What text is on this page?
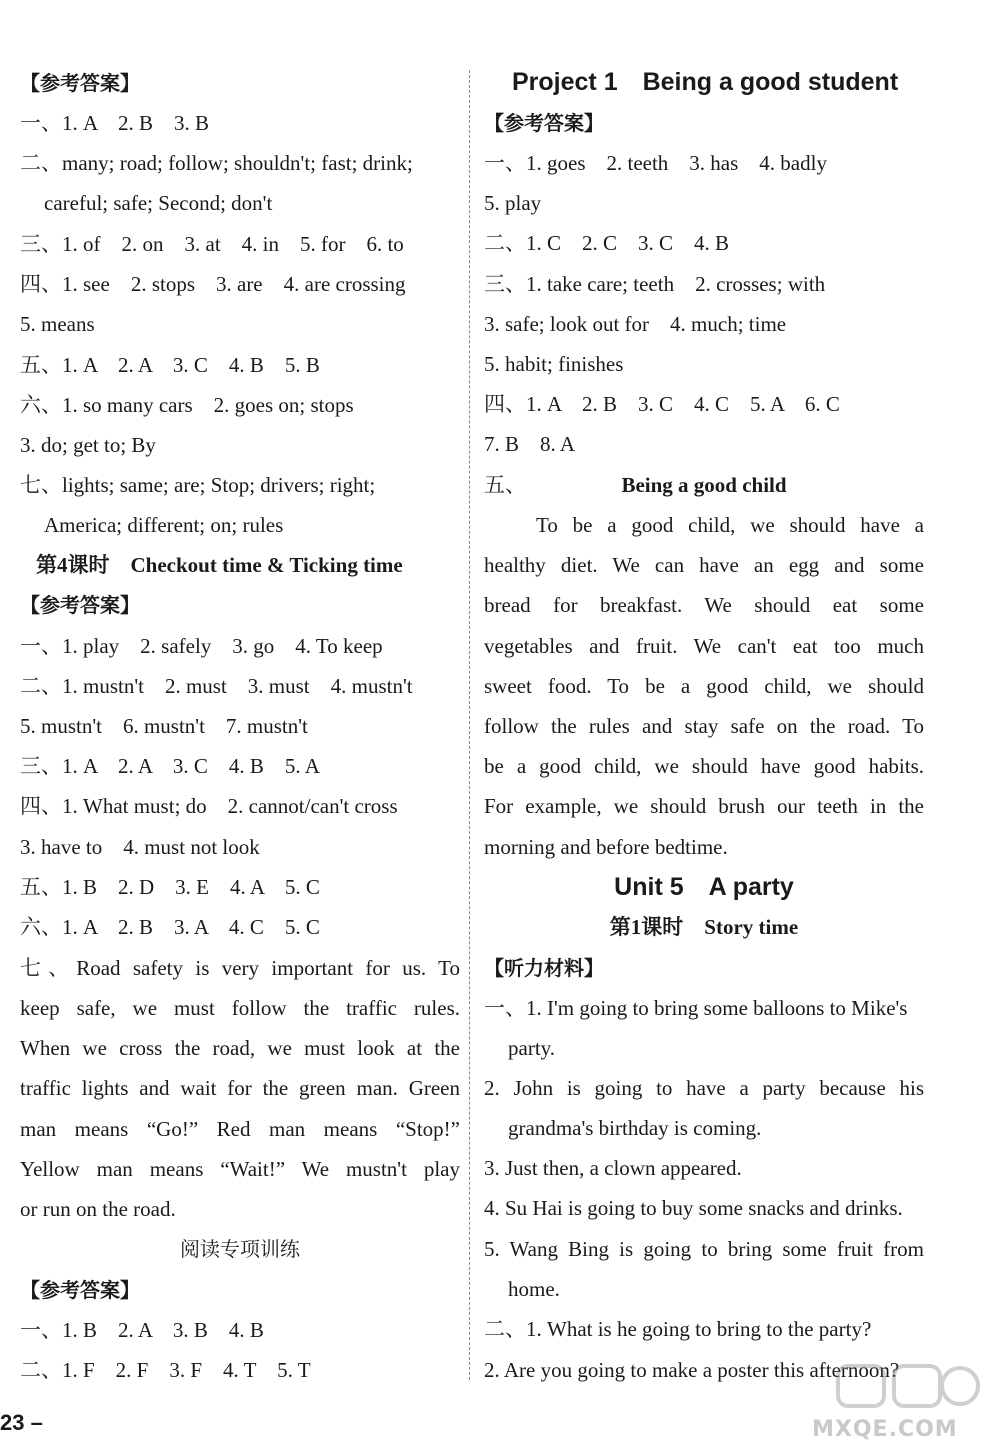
【参考答案】
一、1. A　2. B　3. B
二、many; road; follow; shouldn't; fast; drink;
careful; safe; Second; don't
三、1. of　2. on　3. at　4. in　5. for　6. to
四、1. see　2. stops　3. are　4. are crossing
5. means
五、1. A　2. A　3. C　4. B　5. B
六、1. so many cars　2. goes on; stops
3. do; get to; By
七、lights; same; are; Stop; drivers; right;
America; different; on; rules
第4课时　Checkout time & Ticking time
【参考答案】
一、1. play　2. safely　3. go　4. To keep
二、1. mustn't　2. must　3. must　4. mustn't
5. mustn't　6. mustn't　7. mustn't
三、1. A　2. A　3. C　4. B　5. A
四、1. What must; do　2. cannot/can't cross
3. have to　4. must not look
五、1. B　2. D　3. E　4. A　5. C
六、1. A　2. B　3. A　4. C　5. C
七、Road safety is very important for us. To
keep safe, we must follow the traffic rules.
When we cross the road, we must look at the
traffic lights and wait for the green man. Green
man means “Go!” Red man means “Stop!”
Yellow man means “Wait!” We mustn't play
or run on the road.
阅读专项训练
【参考答案】
一、1. B　2. A　3. B　4. B
二、1. F　2. F　3. F　4. T　5. T
Project 1　Being a good student
【参考答案】
一、1. goes　2. teeth　3. has　4. badly
5. play
二、1. C　2. C　3. C　4. B
三、1. take care; teeth　2. crosses; with
3. safe; look out for　4. much; time
5. habit; finishes
四、1. A　2. B　3. C　4. C　5. A　6. C
7. B　8. A
五、	Being a good child
To be a good child, we should have a
healthy diet. We can have an egg and some
bread for breakfast. We should eat some
vegetables and fruit. We can't eat too much
sweet food. To be a good child, we should
follow the rules and stay safe on the road. To
be a good child, we should have good habits.
For example, we should brush our teeth in the
morning and before bedtime.
Unit 5　A party
第1课时　Story time
【听力材料】
一、1. I'm going to bring some balloons to Mike's
party.
2. John is going to have a party because his
grandma's birthday is coming.
3. Just then, a clown appeared.
4. Su Hai is going to buy some snacks and drinks.
5. Wang Bing is going to bring some fruit from
home.
二、1. What is he going to bring to the party?
2. Are you going to make a poster this afternoon?
23 –	MXQE.COM
